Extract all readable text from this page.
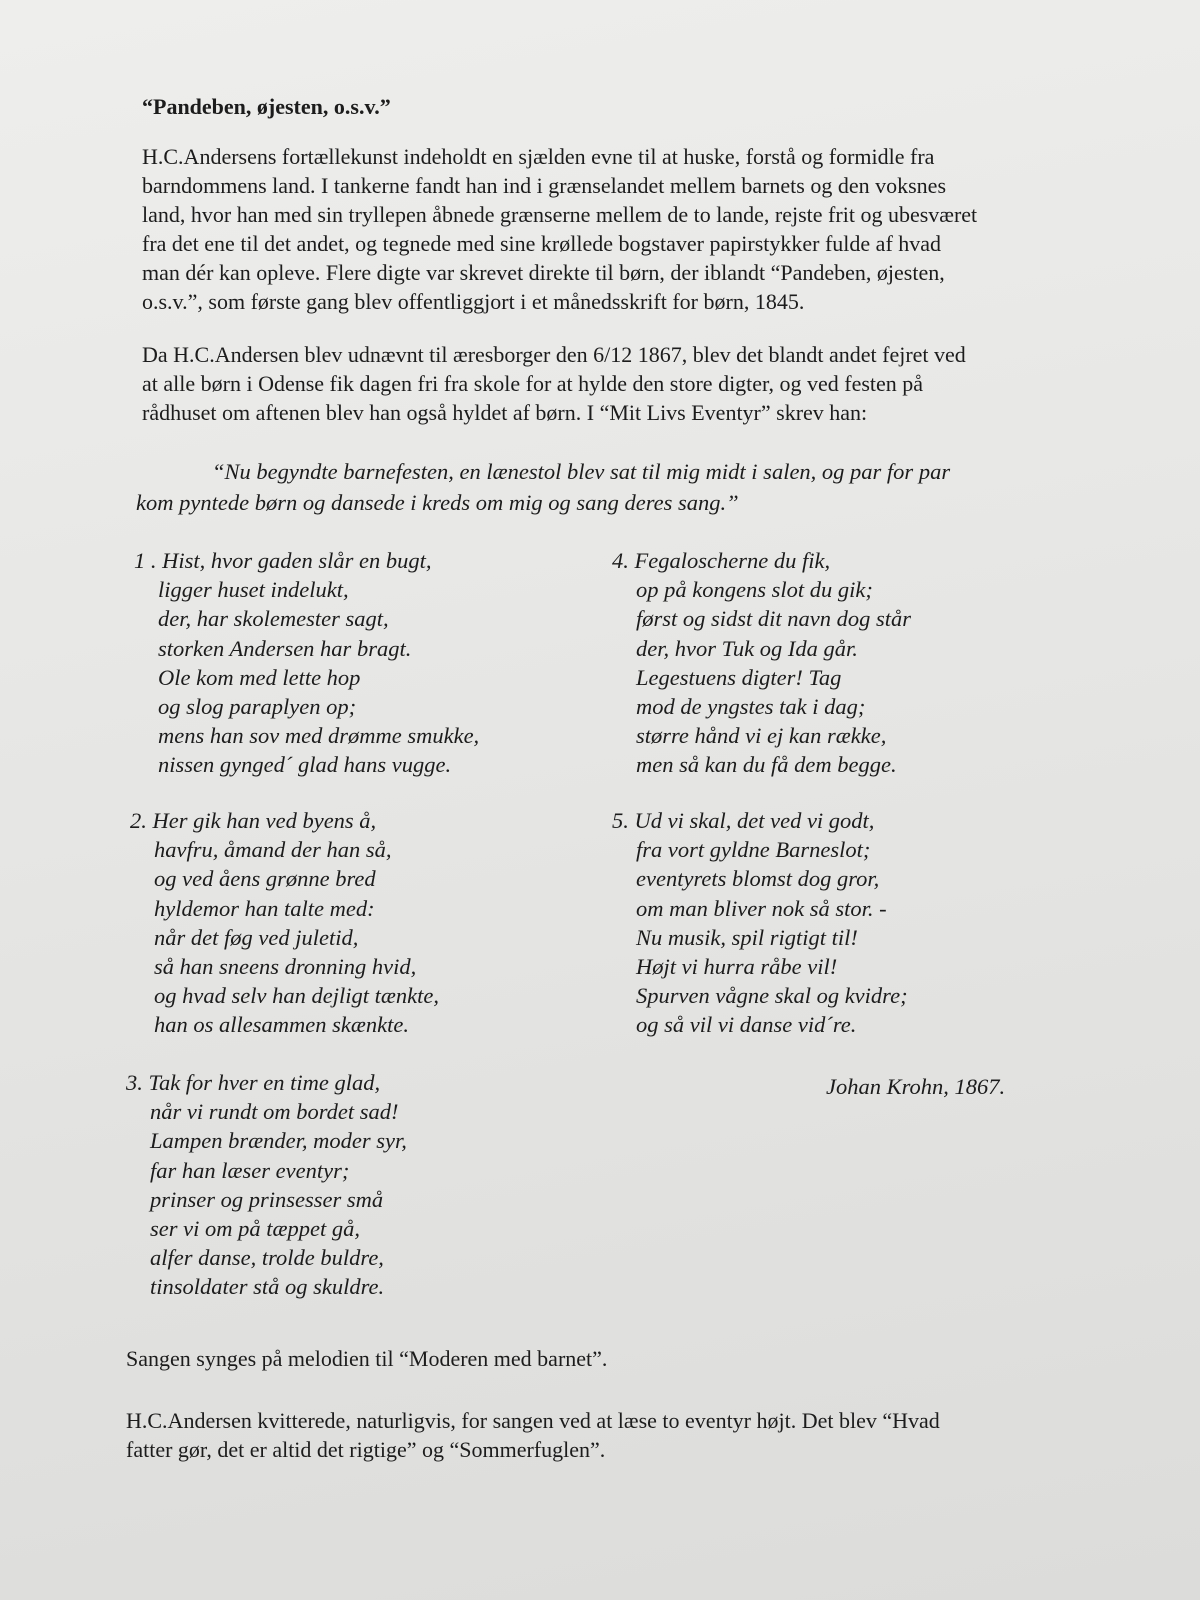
“Pandeben, øjesten, o.s.v.”

H.C.Andersens fortællekunst indeholdt en sjælden evne til at huske, forstå og formidle fra
barndommens land. I tankerne fandt han ind i grænselandet mellem barnets og den voksnes
land, hvor han med sin tryllepen åbnede grænserne mellem de to lande, rejste frit og ubesværet
fra det ene til det andet, og tegnede med sine krøllede bogstaver papirstykker fulde af hvad
man dér kan opleve. Flere digte var skrevet direkte til børn, der iblandt “Pandeben, øjesten,
o.s.v.”, som første gang blev offentliggjort i et månedsskrift for børn, 1845.

Da H.C.Andersen blev udnævnt til æresborger den 6/12 1867, blev det blandt andet fejret ved
at alle børn i Odense fik dagen fri fra skole for at hylde den store digter, og ved festen på
rådhuset om aftenen blev han også hyldet af børn. I “Mit Livs Eventyr” skrev han:

“Nu begyndte barnefesten, en lænestol blev sat til mig midt i salen, og par for par
kom pyntede børn og dansede i kreds om mig og sang deres sang.”

1 . Hist, hvor gaden slår en bugt,
ligger huset indelukt,
der, har skolemester sagt,
storken Andersen har bragt.
Ole kom med lette hop
og slog paraplyen op;
mens han sov med drømme smukke,
nissen gynged´ glad hans vugge.

2. Her gik han ved byens å,
havfru, åmand der han så,
og ved åens grønne bred
hyldemor han talte med:
når det føg ved juletid,
så han sneens dronning hvid,
og hvad selv han dejligt tænkte,
han os allesammen skænkte.

3. Tak for hver en time glad,
når vi rundt om bordet sad!
Lampen brænder, moder syr,
far han læser eventyr;
prinser og prinsesser små
ser vi om på tæppet gå,
alfer danse, trolde buldre,
tinsoldater stå og skuldre.

4. Fegaloscherne du fik,
op på kongens slot du gik;
først og sidst dit navn dog står
der, hvor Tuk og Ida går.
Legestuens digter! Tag
mod de yngstes tak i dag;
større hånd vi ej kan række,
men så kan du få dem begge.

5. Ud vi skal, det ved vi godt,
fra vort gyldne Barneslot;
eventyrets blomst dog gror,
om man bliver nok så stor. -
Nu musik, spil rigtigt til!
Højt vi hurra råbe vil!
Spurven vågne skal og kvidre;
og så vil vi danse vid´re.

Johan Krohn, 1867.

Sangen synges på melodien til “Moderen med barnet”.

H.C.Andersen kvitterede, naturligvis, for sangen ved at læse to eventyr højt. Det blev “Hvad
fatter gør, det er altid det rigtige” og “Sommerfuglen”.
